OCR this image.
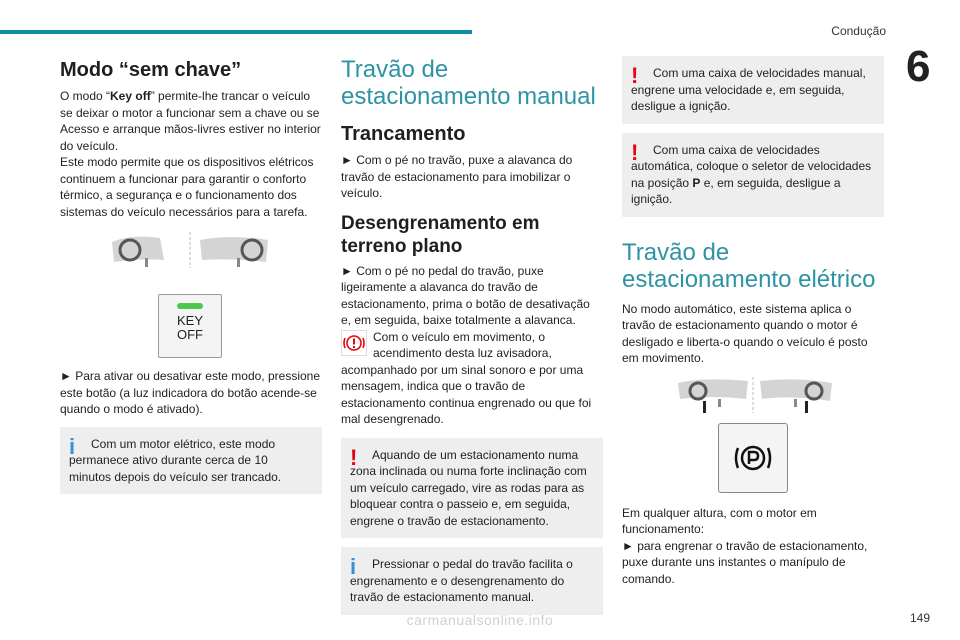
Condução
6
Modo “sem chave”

O modo “Key off” permite-lhe trancar o veículo se deixar o motor a funcionar sem a chave ou se Acesso e arranque mãos-livres estiver no interior do veículo.

Este modo permite que os dispositivos elétricos continuem a funcionar para garantir o conforto térmico, a segurança e o funcionamento dos sistemas do veículo necessários para a tarefa.

KEY
OFF

► Para ativar ou desativar este modo, pressione este botão (a luz indicadora do botão acende-se quando o modo é ativado).

i Com um motor elétrico, este modo permanece ativo durante cerca de 10 minutos depois do veículo ser trancado.
Travão de estacionamento manual
Trancamento

► Com o pé no travão, puxe a alavanca do travão de estacionamento para imobilizar o veículo.

Desengrenamento em terreno plano

► Com o pé no pedal do travão, puxe ligeiramente a alavanca do travão de estacionamento, prima o botão de desativação e, em seguida, baixe totalmente a alavanca.

Com o veículo em movimento, o acendimento desta luz avisadora, acompanhado por um sinal sonoro e por uma mensagem, indica que o travão de estacionamento continua engrenado ou que foi mal desengrenado.

! Aquando de um estacionamento numa zona inclinada ou numa forte inclinação com um veículo carregado, vire as rodas para as bloquear contra o passeio e, em seguida, engrene o travão de estacionamento.
i Pressionar o pedal do travão facilita o engrenamento e o desengrenamento do travão de estacionamento manual.
! Com uma caixa de velocidades manual, engrene uma velocidade e, em seguida, desligue a ignição.
! Com uma caixa de velocidades automática, coloque o seletor de velocidades na posição P e, em seguida, desligue a ignição.
Travão de estacionamento elétrico

No modo automático, este sistema aplica o travão de estacionamento quando o motor é desligado e liberta-o quando o veículo é posto em movimento.

Em qualquer altura, com o motor em funcionamento:

► para engrenar o travão de estacionamento, puxe durante uns instantes o manípulo de comando.

149
carmanualsonline.info
